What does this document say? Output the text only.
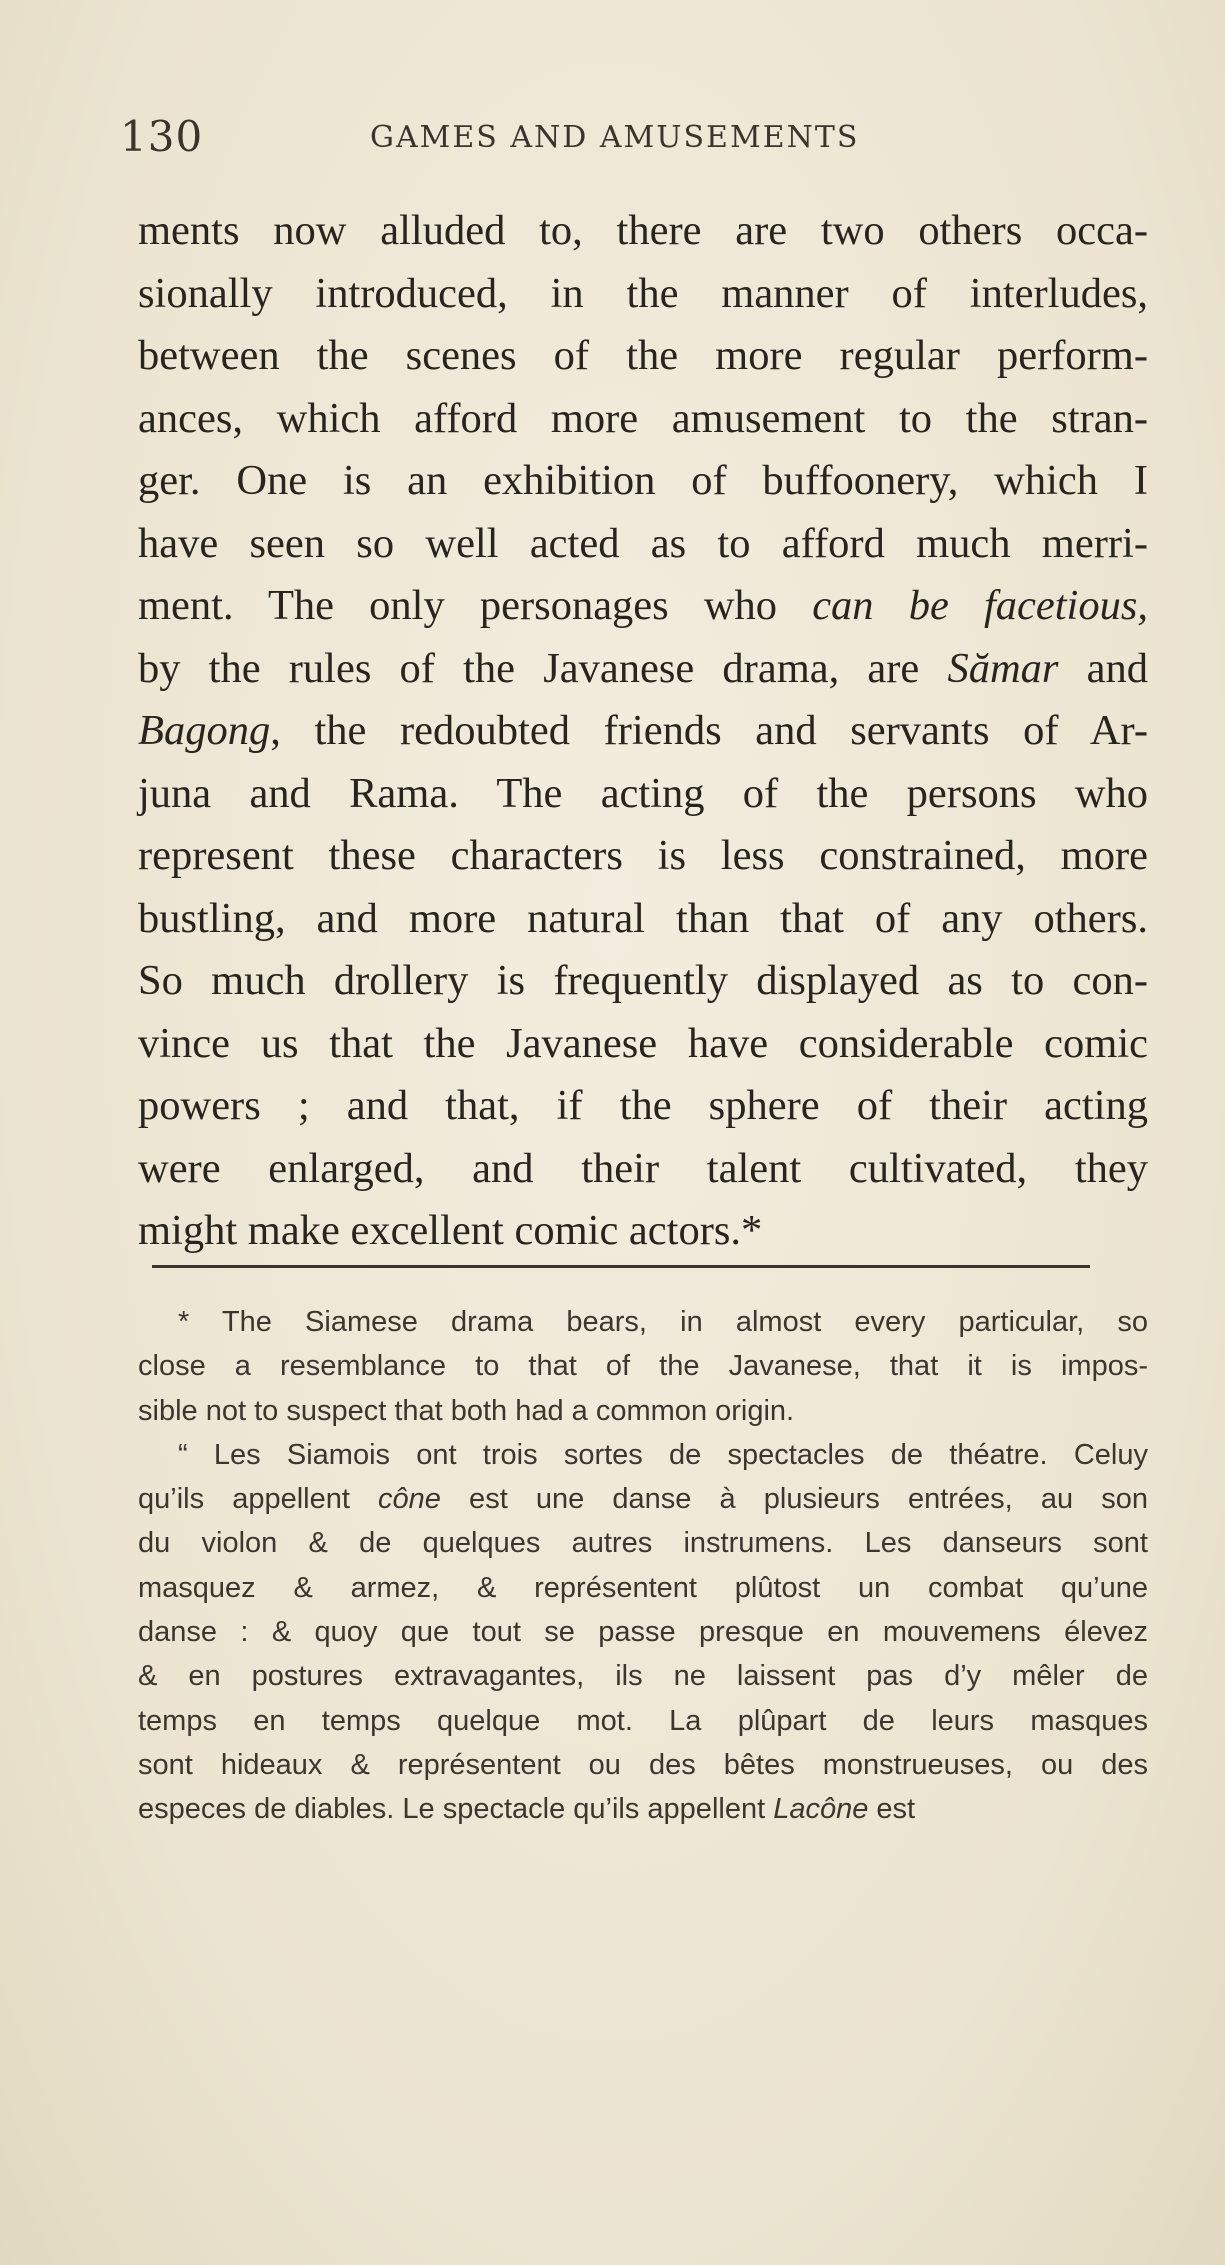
130	GAMES AND AMUSEMENTS
ments now alluded to, there are two others occa-
sionally introduced, in the manner of interludes,
between the scenes of the more regular perform-
ances, which afford more amusement to the stran-
ger. One is an exhibition of buffoonery, which I
have seen so well acted as to afford much merri-
ment. The only personages who can be facetious,
by the rules of the Javanese drama, are Sămar and
Bagong, the redoubted friends and servants of Ar-
juna and Rama. The acting of the persons who
represent these characters is less constrained, more
bustling, and more natural than that of any others.
So much drollery is frequently displayed as to con-
vince us that the Javanese have considerable comic
powers ; and that, if the sphere of their acting
were enlarged, and their talent cultivated, they
might make excellent comic actors.*
* The Siamese drama bears, in almost every particular, so
close a resemblance to that of the Javanese, that it is impos-
sible not to suspect that both had a common origin.
“ Les Siamois ont trois sortes de spectacles de théatre. Celuy
qu’ils appellent cône est une danse à plusieurs entrées, au son
du violon & de quelques autres instrumens. Les danseurs sont
masquez & armez, & représentent plûtost un combat qu’une
danse : & quoy que tout se passe presque en mouvemens élevez
& en postures extravagantes, ils ne laissent pas d’y mêler de
temps en temps quelque mot. La plûpart de leurs masques
sont hideaux & représentent ou des bêtes monstrueuses, ou des
especes de diables. Le spectacle qu’ils appellent Lacône est
